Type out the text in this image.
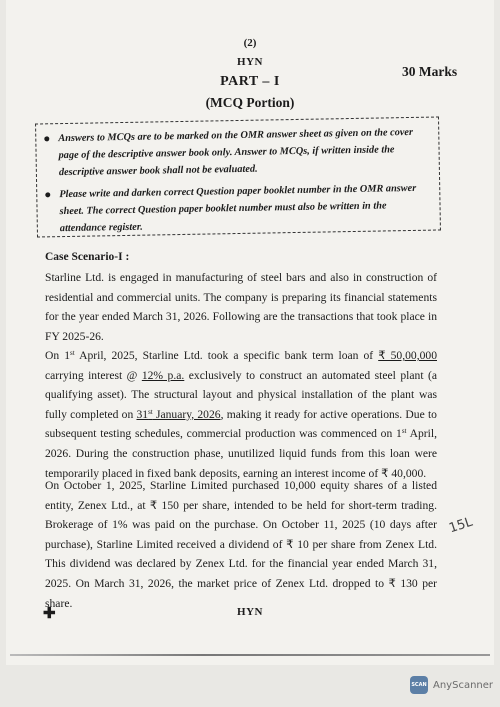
(2)
HYN
PART – I
30 Marks
(MCQ Portion)
Answers to MCQs are to be marked on the OMR answer sheet as given on the cover page of the descriptive answer book only. Answer to MCQs, if written inside the descriptive answer book shall not be evaluated.
Please write and darken correct Question paper booklet number in the OMR answer sheet. The correct Question paper booklet number must also be written in the attendance register.
Case Scenario-I :
Starline Ltd. is engaged in manufacturing of steel bars and also in construction of residential and commercial units. The company is preparing its financial statements for the year ended March 31, 2026. Following are the transactions that took place in FY 2025-26.
On 1st April, 2025, Starline Ltd. took a specific bank term loan of ₹ 50,00,000 carrying interest @ 12% p.a. exclusively to construct an automated steel plant (a qualifying asset). The structural layout and physical installation of the plant was fully completed on 31st January, 2026, making it ready for active operations. Due to subsequent testing schedules, commercial production was commenced on 1st April, 2026. During the construction phase, unutilized liquid funds from this loan were temporarily placed in fixed bank deposits, earning an interest income of ₹ 40,000.
On October 1, 2025, Starline Limited purchased 10,000 equity shares of a listed entity, Zenex Ltd., at ₹ 150 per share, intended to be held for short-term trading. Brokerage of 1% was paid on the purchase. On October 11, 2025 (10 days after purchase), Starline Limited received a dividend of ₹ 10 per share from Zenex Ltd. This dividend was declared by Zenex Ltd. for the financial year ended March 31, 2025. On March 31, 2026, the market price of Zenex Ltd. dropped to ₹ 130 per share.
15L
✚	HYN
SCAN AnyScanner
